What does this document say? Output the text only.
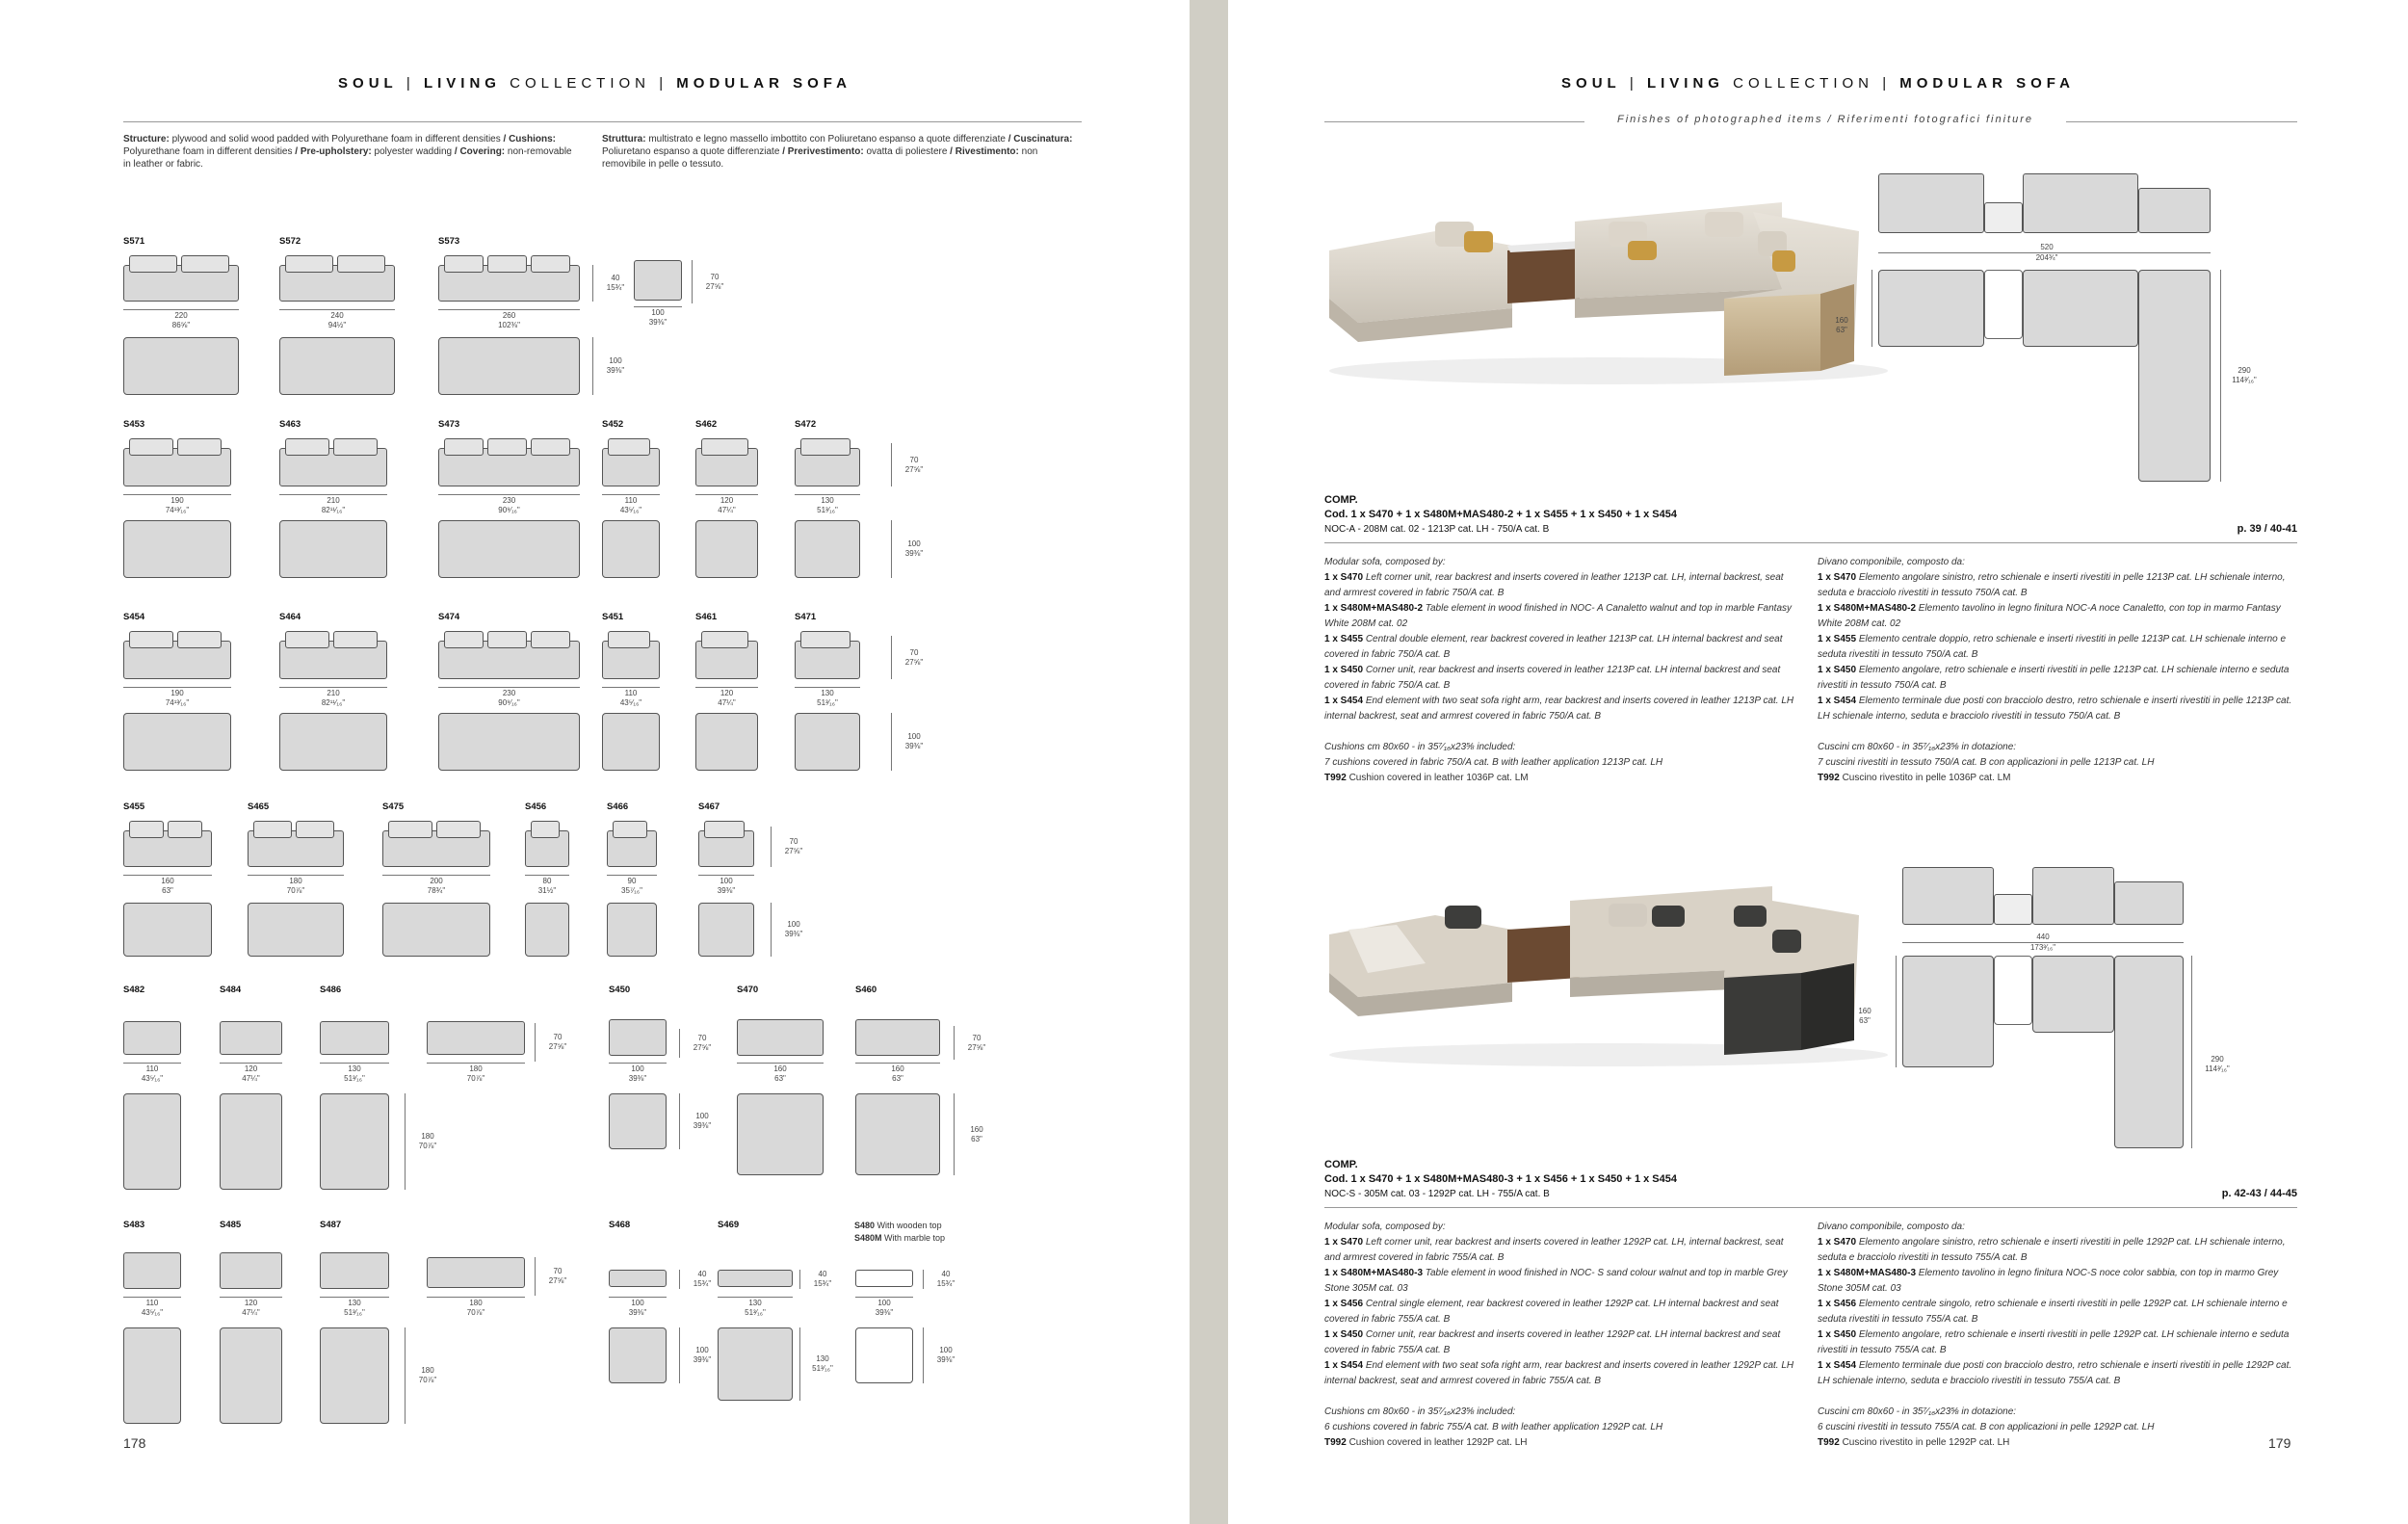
SOUL | LIVING COLLECTION | MODULAR SOFA
Structure: plywood and solid wood padded with Polyurethane foam in different densities / Cushions: Polyurethane foam in different densities / Pre-upholstery: polyester wadding / Covering: non-removable in leather or fabric.
Struttura: multistrato e legno massello imbottito con Poliuretano espanso a quote differenziate / Cuscinatura: Poliuretano espanso a quote differenziate / Prerivestimento: ovatta di poliestere / Rivestimento: non removibile in pelle o tessuto.
S571
220
86⅝"
S572
240
94½"
S573
260
102⅜"
100
39⅜"
40
15¾"
70
27⅝"
100
39⅜"
S453
190
74¹³⁄₁₆"
S463
210
82¹¹⁄₁₆"
S473
230
90⁹⁄₁₆"
S452
110
43⁵⁄₁₆"
S462
120
47¼"
S472
130
51³⁄₁₆"
70
27⅝"
100
39⅜"
S454
190
74¹³⁄₁₆"
S464
210
82¹¹⁄₁₆"
S474
230
90⁹⁄₁₆"
S451
110
43⁵⁄₁₆"
S461
120
47¼"
S471
130
51³⁄₁₆"
70
27⅝"
100
39⅜"
S455
160
63"
S465
180
70⅞"
S475
200
78¾"
S456
80
31½"
S466
90
35⁷⁄₁₆"
S467
100
39⅜"
70
27⅝"
100
39⅜"
S482
110
43⁵⁄₁₆"
S484
120
47¼"
S486
130
51³⁄₁₆"
180
70⅞"
70
27⅝"
180
70⅞"
S450
100
39⅜"
S470
160
63"
S460
160
63"
70
27⅝"
70
27⅝"
100
39⅜"	160
63"
S483
110
43⁵⁄₁₆"
S485
120
47¼"
S487
130
51³⁄₁₆"
180
70⅞"
70
27⅝"
180
70⅞"
S468	S469
100
39⅜"
130
51³⁄₁₆"
100
39⅜"
40
15¾"
40
15¾"
40
15¾"
100
39⅜"	130
51³⁄₁₆"
100
39⅜"
S480 With wooden top
S480M With marble top
178
SOUL | LIVING COLLECTION | MODULAR SOFA
Finishes of photographed items / Riferimenti fotografici finiture
520
204¾"
160
63"
290
114³⁄₁₆"
COMP.
Cod. 1 x S470 + 1 x S480M+MAS480-2 + 1 x S455 + 1 x S450 + 1 x S454
NOC-A - 208M cat. 02 - 1213P cat. LH - 750/A cat. B	p. 39 / 40-41
Modular sofa, composed by:
1 x S470 Left corner unit, rear backrest and inserts covered in leather 1213P cat. LH, internal backrest, seat and armrest covered in fabric 750/A cat. B
1 x S480M+MAS480-2 Table element in wood finished in NOC- A Canaletto walnut and top in marble Fantasy White 208M cat. 02
1 x S455 Central double element, rear backrest covered in leather 1213P cat. LH internal backrest and seat covered in fabric 750/A cat. B
1 x S450 Corner unit, rear backrest and inserts covered in leather 1213P cat. LH internal backrest and seat covered in fabric 750/A cat. B
1 x S454 End element with two seat sofa right arm, rear backrest and inserts covered in leather 1213P cat. LH internal backrest, seat and armrest covered in fabric 750/A cat. B
Cushions cm 80x60 - in 35⁷⁄₁₆x23⅝ included:
7 cushions covered in fabric 750/A cat. B with leather application 1213P cat. LH
T992 Cushion covered in leather 1036P cat. LM
Divano componibile, composto da:
1 x S470 Elemento angolare sinistro, retro schienale e inserti rivestiti in pelle 1213P cat. LH schienale interno, seduta e bracciolo rivestiti in tessuto 750/A cat. B
1 x S480M+MAS480-2 Elemento tavolino in legno finitura NOC-A noce Canaletto, con top in marmo Fantasy White 208M cat. 02
1 x S455 Elemento centrale doppio, retro schienale e inserti rivestiti in pelle 1213P cat. LH schienale interno e seduta rivestiti in tessuto 750/A cat. B
1 x S450 Elemento angolare, retro schienale e inserti rivestiti in pelle 1213P cat. LH schienale interno e seduta rivestiti in tessuto 750/A cat. B
1 x S454 Elemento terminale due posti con bracciolo destro, retro schienale e inserti rivestiti in pelle 1213P cat. LH schienale interno, seduta e bracciolo rivestiti in tessuto 750/A cat. B
Cuscini cm 80x60 - in 35⁷⁄₁₆x23⅝ in dotazione:
7 cuscini rivestiti in tessuto 750/A cat. B con applicazioni in pelle 1213P cat. LH
T992 Cuscino rivestito in pelle 1036P cat. LM
440
173³⁄₁₆"
160
63"
290
114³⁄₁₆"
COMP.
Cod. 1 x S470 + 1 x S480M+MAS480-3 + 1 x S456 + 1 x S450 + 1 x S454
NOC-S - 305M cat. 03 - 1292P cat. LH - 755/A cat. B	p. 42-43 / 44-45
Modular sofa, composed by:
1 x S470 Left corner unit, rear backrest and inserts covered in leather 1292P cat. LH, internal backrest, seat and armrest covered in fabric 755/A cat. B
1 x S480M+MAS480-3 Table element in wood finished in NOC- S sand colour walnut and top in marble Grey Stone 305M cat. 03
1 x S456 Central single element, rear backrest covered in leather 1292P cat. LH internal backrest and seat covered in fabric 755/A cat. B
1 x S450 Corner unit, rear backrest and inserts covered in leather 1292P cat. LH internal backrest and seat covered in fabric 755/A cat. B
1 x S454 End element with two seat sofa right arm, rear backrest and inserts covered in leather 1292P cat. LH internal backrest, seat and armrest covered in fabric 755/A cat. B
Cushions cm 80x60 - in 35⁷⁄₁₆x23⅝ included:
6 cushions covered in fabric 755/A cat. B with leather application 1292P cat. LH
T992 Cushion covered in leather 1292P cat. LH
Divano componibile, composto da:
1 x S470 Elemento angolare sinistro, retro schienale e inserti rivestiti in pelle 1292P cat. LH schienale interno, seduta e bracciolo rivestiti in tessuto 755/A cat. B
1 x S480M+MAS480-3 Elemento tavolino in legno finitura NOC-S noce color sabbia, con top in marmo Grey Stone 305M cat. 03
1 x S456 Elemento centrale singolo, retro schienale e inserti rivestiti in pelle 1292P cat. LH schienale interno e seduta rivestiti in tessuto 755/A cat. B
1 x S450 Elemento angolare, retro schienale e inserti rivestiti in pelle 1292P cat. LH schienale interno e seduta rivestiti in tessuto 755/A cat. B
1 x S454 Elemento terminale due posti con bracciolo destro, retro schienale e inserti rivestiti in pelle 1292P cat. LH schienale interno, seduta e bracciolo rivestiti in tessuto 755/A cat. B
Cuscini cm 80x60 - in 35⁷⁄₁₆x23⅝ in dotazione:
6 cuscini rivestiti in tessuto 755/A cat. B con applicazioni in pelle 1292P cat. LH
T992 Cuscino rivestito in pelle 1292P cat. LH	179
